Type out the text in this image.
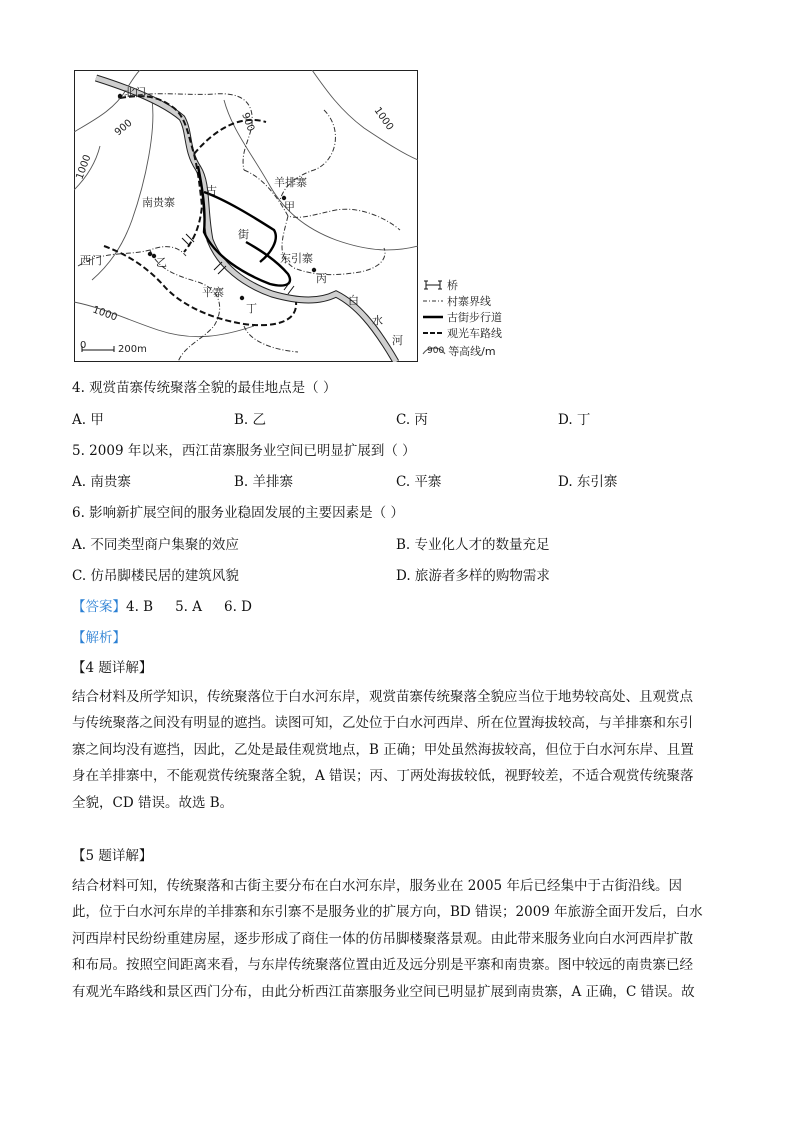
北门
西门
南贵寨
羊排寨
东引寨
平寨
甲
乙
丙
丁
古
街
白
水
河
900	900	1000
1000
1000
0	200m
桥
村寨界线
古街步行道
观光车路线
900 等高线/m
4. 观赏苗寨传统聚落全貌的最佳地点是（ ）
A. 甲	B. 乙	C. 丙	D. 丁
5. 2009 年以来，西江苗寨服务业空间已明显扩展到（ ）
A. 南贵寨	B. 羊排寨	C. 平寨	D. 东引寨
6. 影响新扩展空间的服务业稳固发展的主要因素是（ ）
A. 不同类型商户集聚的效应	B. 专业化人才的数量充足
C. 仿吊脚楼民居的建筑风貌	D. 旅游者多样的购物需求
【答案】4. B 5. A 6. D
【解析】
【4 题详解】
结合材料及所学知识，传统聚落位于白水河东岸，观赏苗寨传统聚落全貌应当位于地势较高处、且观赏点
与传统聚落之间没有明显的遮挡。读图可知，乙处位于白水河西岸、所在位置海拔较高，与羊排寨和东引
寨之间均没有遮挡，因此，乙处是最佳观赏地点，B 正确；甲处虽然海拔较高，但位于白水河东岸、且置
身在羊排寨中，不能观赏传统聚落全貌，A 错误；丙、丁两处海拔较低，视野较差，不适合观赏传统聚落
全貌，CD 错误。故选 B。
【5 题详解】
结合材料可知，传统聚落和古街主要分布在白水河东岸，服务业在 2005 年后已经集中于古街沿线。因
此，位于白水河东岸的羊排寨和东引寨不是服务业的扩展方向，BD 错误；2009 年旅游全面开发后，白水
河西岸村民纷纷重建房屋，逐步形成了商住一体的仿吊脚楼聚落景观。由此带来服务业向白水河西岸扩散
和布局。按照空间距离来看，与东岸传统聚落位置由近及远分别是平寨和南贵寨。图中较远的南贵寨已经
有观光车路线和景区西门分布，由此分析西江苗寨服务业空间已明显扩展到南贵寨，A 正确，C 错误。故
